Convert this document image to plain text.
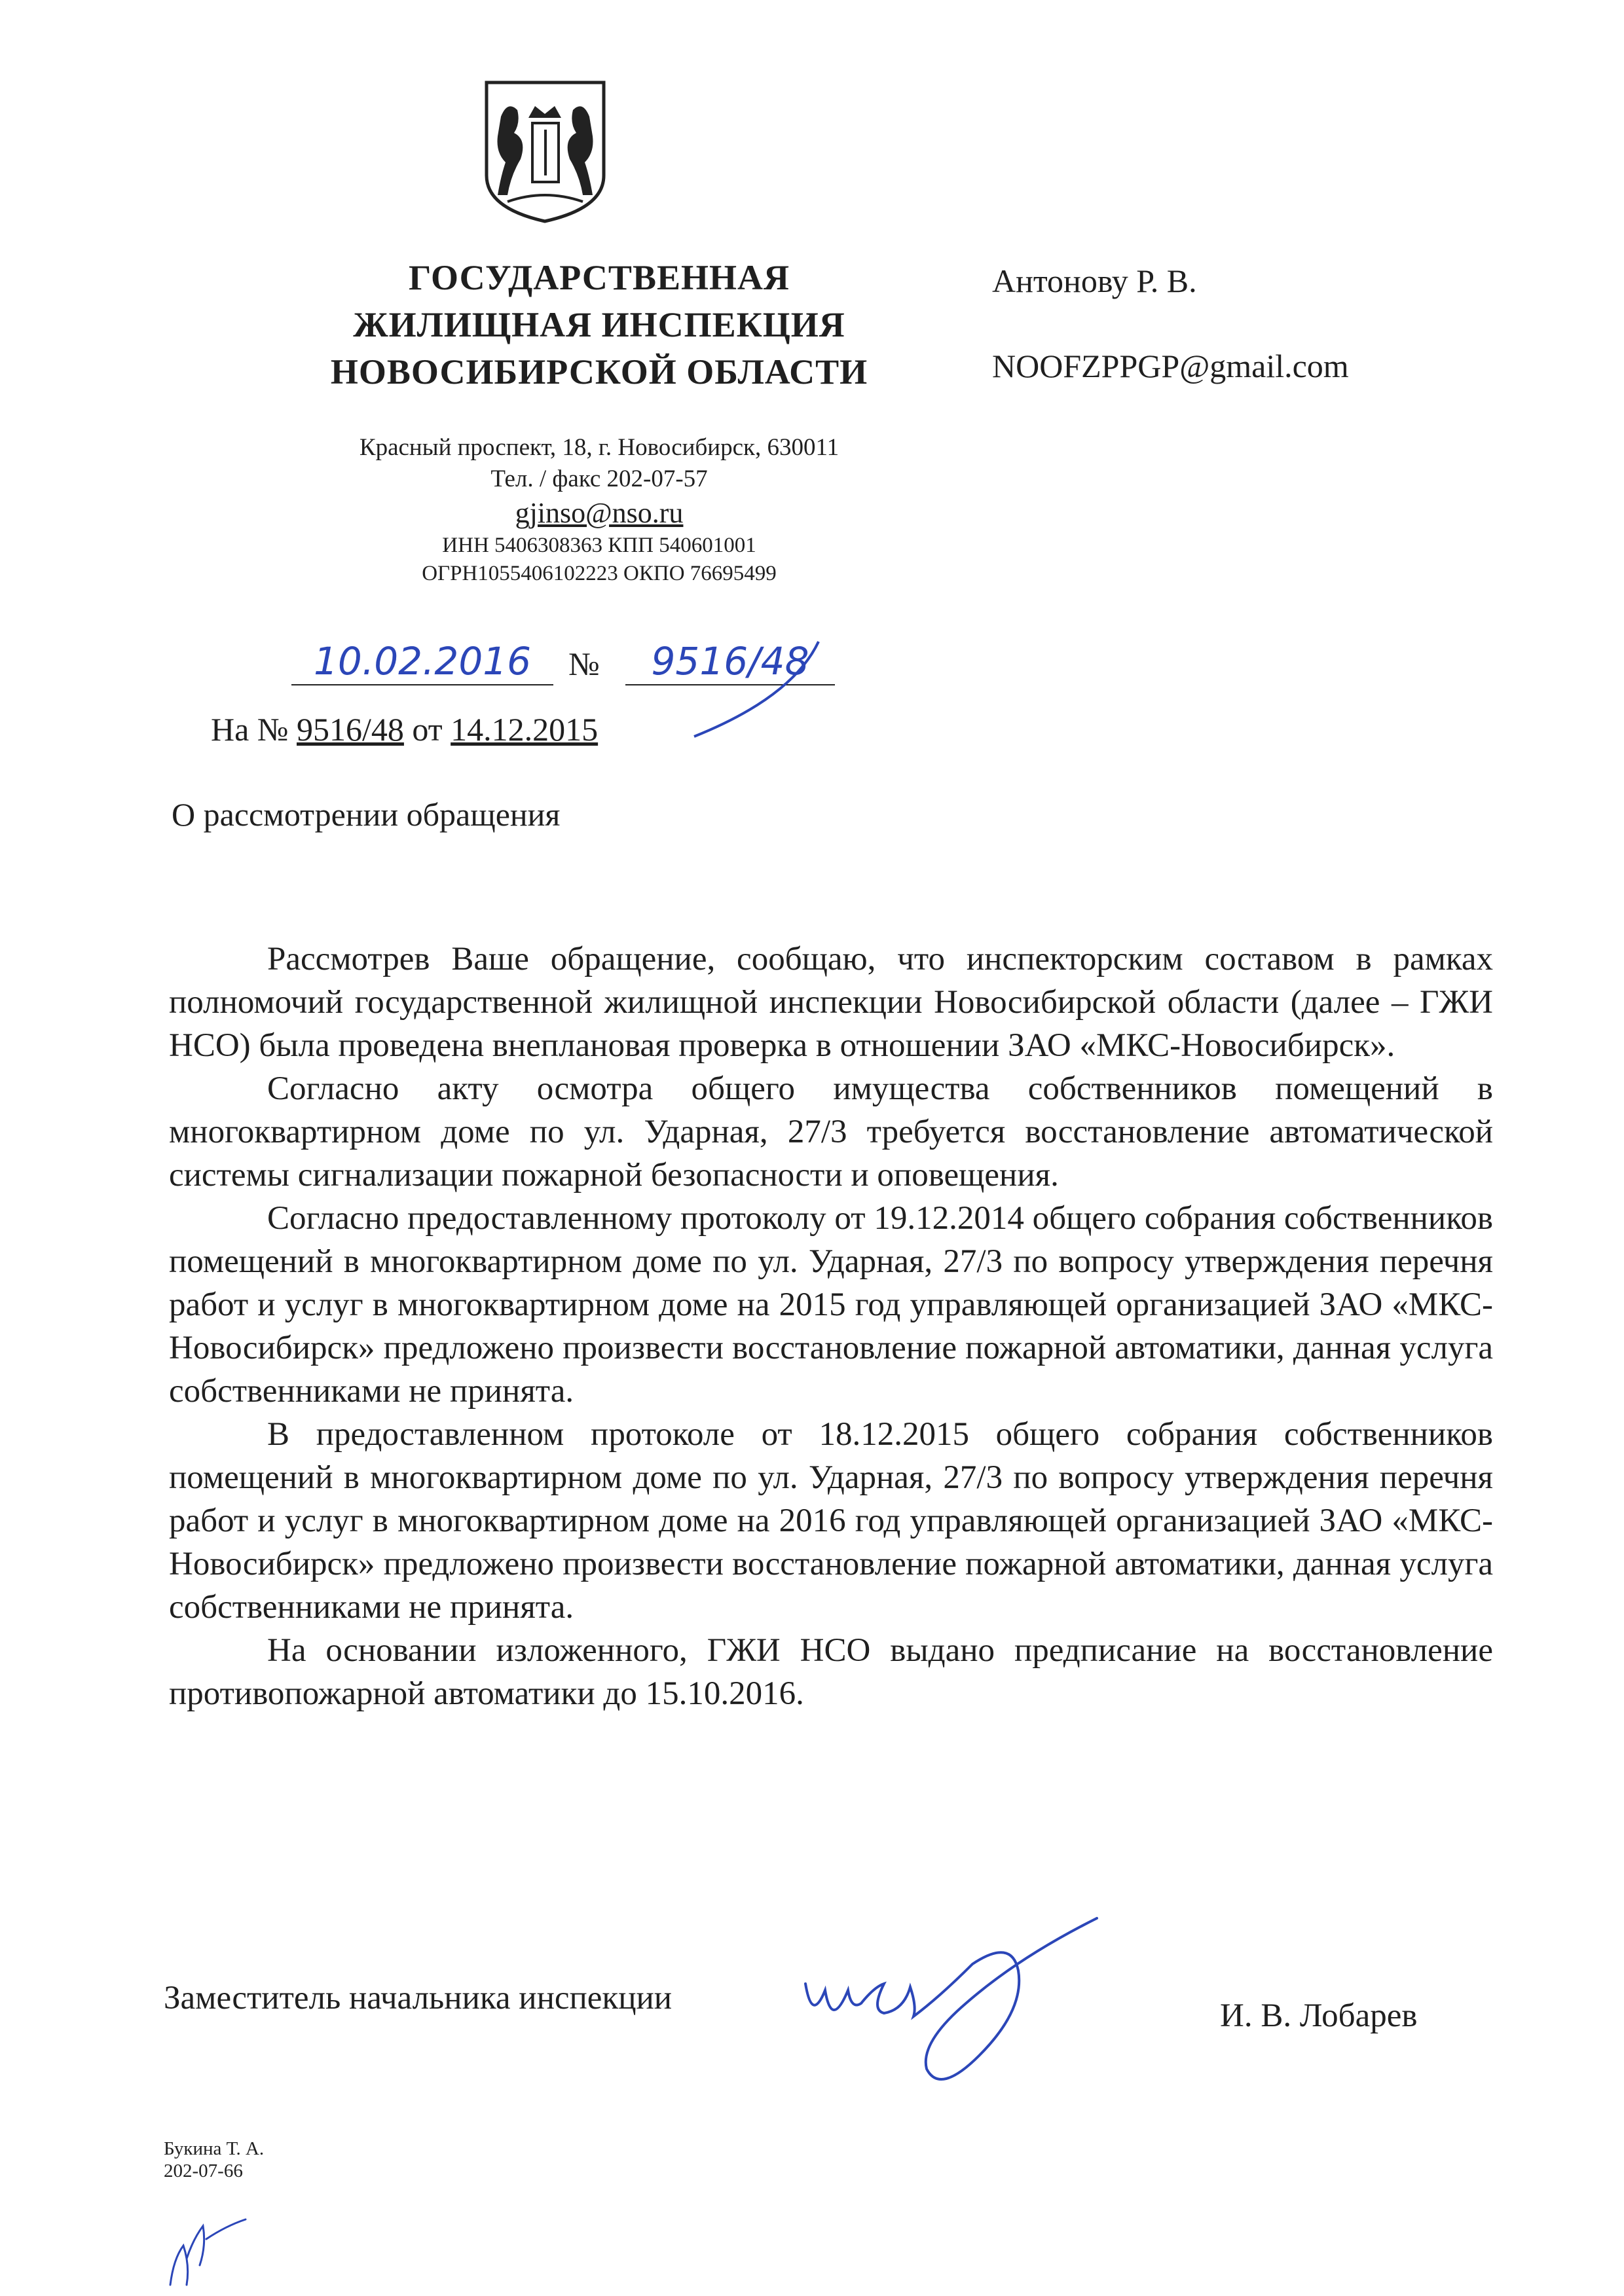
ГОСУДАРСТВЕННАЯ
ЖИЛИЩНАЯ ИНСПЕКЦИЯ
НОВОСИБИРСКОЙ ОБЛАСТИ
Красный проспект, 18, г. Новосибирск, 630011
Тел. / факс 202-07-57
gjinso@nso.ru
ИНН 5406308363 КПП 540601001
ОГРН1055406102223 ОКПО 76695499
Антонову Р. В.
NOOFZPPGP@gmail.com
10.02.2016	№	9516/48
На № 9516/48 от 14.12.2015
О рассмотрении обращения

Рассмотрев Ваше обращение, сообщаю, что инспекторским составом в рамках полномочий государственной жилищной инспекции Новосибирской области (далее – ГЖИ НСО) была проведена внеплановая проверка в отношении ЗАО «МКС-Новосибирск».

Согласно акту осмотра общего имущества собственников помещений в многоквартирном доме по ул. Ударная, 27/3 требуется восстановление автоматической системы сигнализации пожарной безопасности и оповещения.

Согласно предоставленному протоколу от 19.12.2014 общего собрания собственников помещений в многоквартирном доме по ул. Ударная, 27/3 по вопросу утверждения перечня работ и услуг в многоквартирном доме на 2015 год управляющей организацией ЗАО «МКС-Новосибирск» предложено произвести восстановление пожарной автоматики, данная услуга собственниками не принята.

В предоставленном протоколе от 18.12.2015 общего собрания собственников помещений в многоквартирном доме по ул. Ударная, 27/3 по вопросу утверждения перечня работ и услуг в многоквартирном доме на 2016 год управляющей организацией ЗАО «МКС-Новосибирск» предложено произвести восстановление пожарной автоматики, данная услуга собственниками не принята.

На основании изложенного, ГЖИ НСО выдано предписание на восстановление противопожарной автоматики до 15.10.2016.

Заместитель начальника инспекции	И. В. Лобарев
Букина Т. А.
202-07-66
